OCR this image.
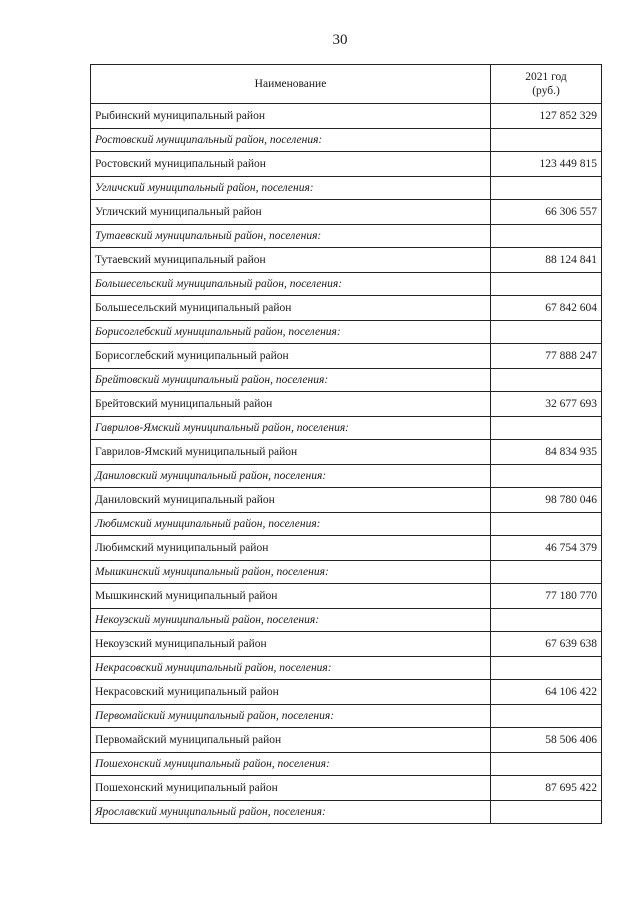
30
Наименование	2021 год
(руб.)
Рыбинский муниципальный район	127 852 329
Ростовский муниципальный район, поселения:	
Ростовский муниципальный район	123 449 815
Угличский муниципальный район, поселения:	
Угличский муниципальный район	66 306 557
Тутаевский муниципальный район, поселения:	
Тутаевский муниципальный район	88 124 841
Большесельский муниципальный район, поселения:	
Большесельский муниципальный район	67 842 604
Борисоглебский муниципальный район, поселения:	
Борисоглебский муниципальный район	77 888 247
Брейтовский муниципальный район, поселения:	
Брейтовский муниципальный район	32 677 693
Гаврилов-Ямский муниципальный район, поселения:	
Гаврилов-Ямский муниципальный район	84 834 935
Даниловский муниципальный район, поселения:	
Даниловский муниципальный район	98 780 046
Любимский муниципальный район, поселения:	
Любимский муниципальный район	46 754 379
Мышкинский муниципальный район, поселения:	
Мышкинский муниципальный район	77 180 770
Некоузский муниципальный район, поселения:	
Некоузский муниципальный район	67 639 638
Некрасовский муниципальный район, поселения:	
Некрасовский муниципальный район	64 106 422
Первомайский муниципальный район, поселения:	
Первомайский муниципальный район	58 506 406
Пошехонский муниципальный район, поселения:	
Пошехонский муниципальный район	87 695 422
Ярославский муниципальный район, поселения:	
